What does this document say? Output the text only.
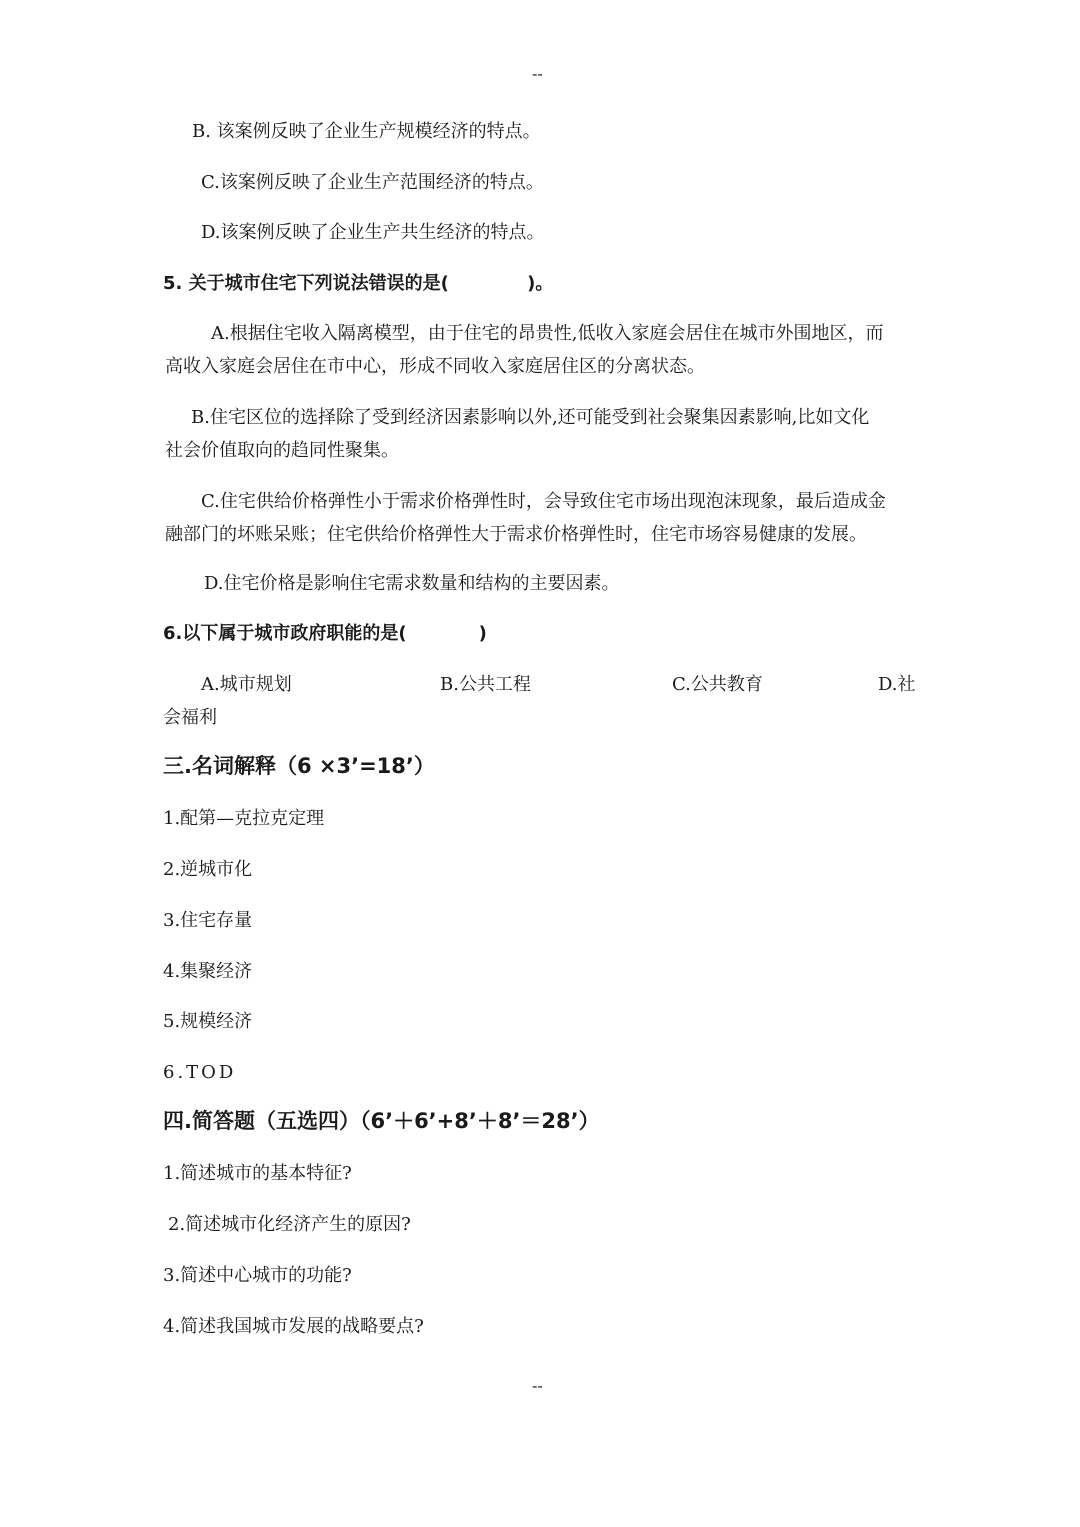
--
B. 该案例反映了企业生产规模经济的特点。
C.该案例反映了企业生产范围经济的特点。
D.该案例反映了企业生产共生经济的特点。
5. 关于城市住宅下列说法错误的是(　　　　 )。
A.根据住宅收入隔离模型，由于住宅的昂贵性,低收入家庭会居住在城市外围地区，而
高收入家庭会居住在市中心，形成不同收入家庭居住区的分离状态。
B.住宅区位的选择除了受到经济因素影响以外,还可能受到社会聚集因素影响,比如文化
社会价值取向的趋同性聚集。
C.住宅供给价格弹性小于需求价格弹性时，会导致住宅市场出现泡沫现象，最后造成金
融部门的坏账呆账；住宅供给价格弹性大于需求价格弹性时，住宅市场容易健康的发展。
D.住宅价格是影响住宅需求数量和结构的主要因素。
6.以下属于城市政府职能的是(　　　　)
A.城市规划	B.公共工程	C.公共教育	D.社
会福利
三.名词解释（6 ×3’=18’）
1.配第—克拉克定理
2.逆城市化
3.住宅存量
4.集聚经济
5.规模经济
6.TOD
四.简答题（五选四）（6’＋6’+8’＋8’＝28’）
1.简述城市的基本特征?
2.简述城市化经济产生的原因?
3.简述中心城市的功能?
4.简述我国城市发展的战略要点?
--
